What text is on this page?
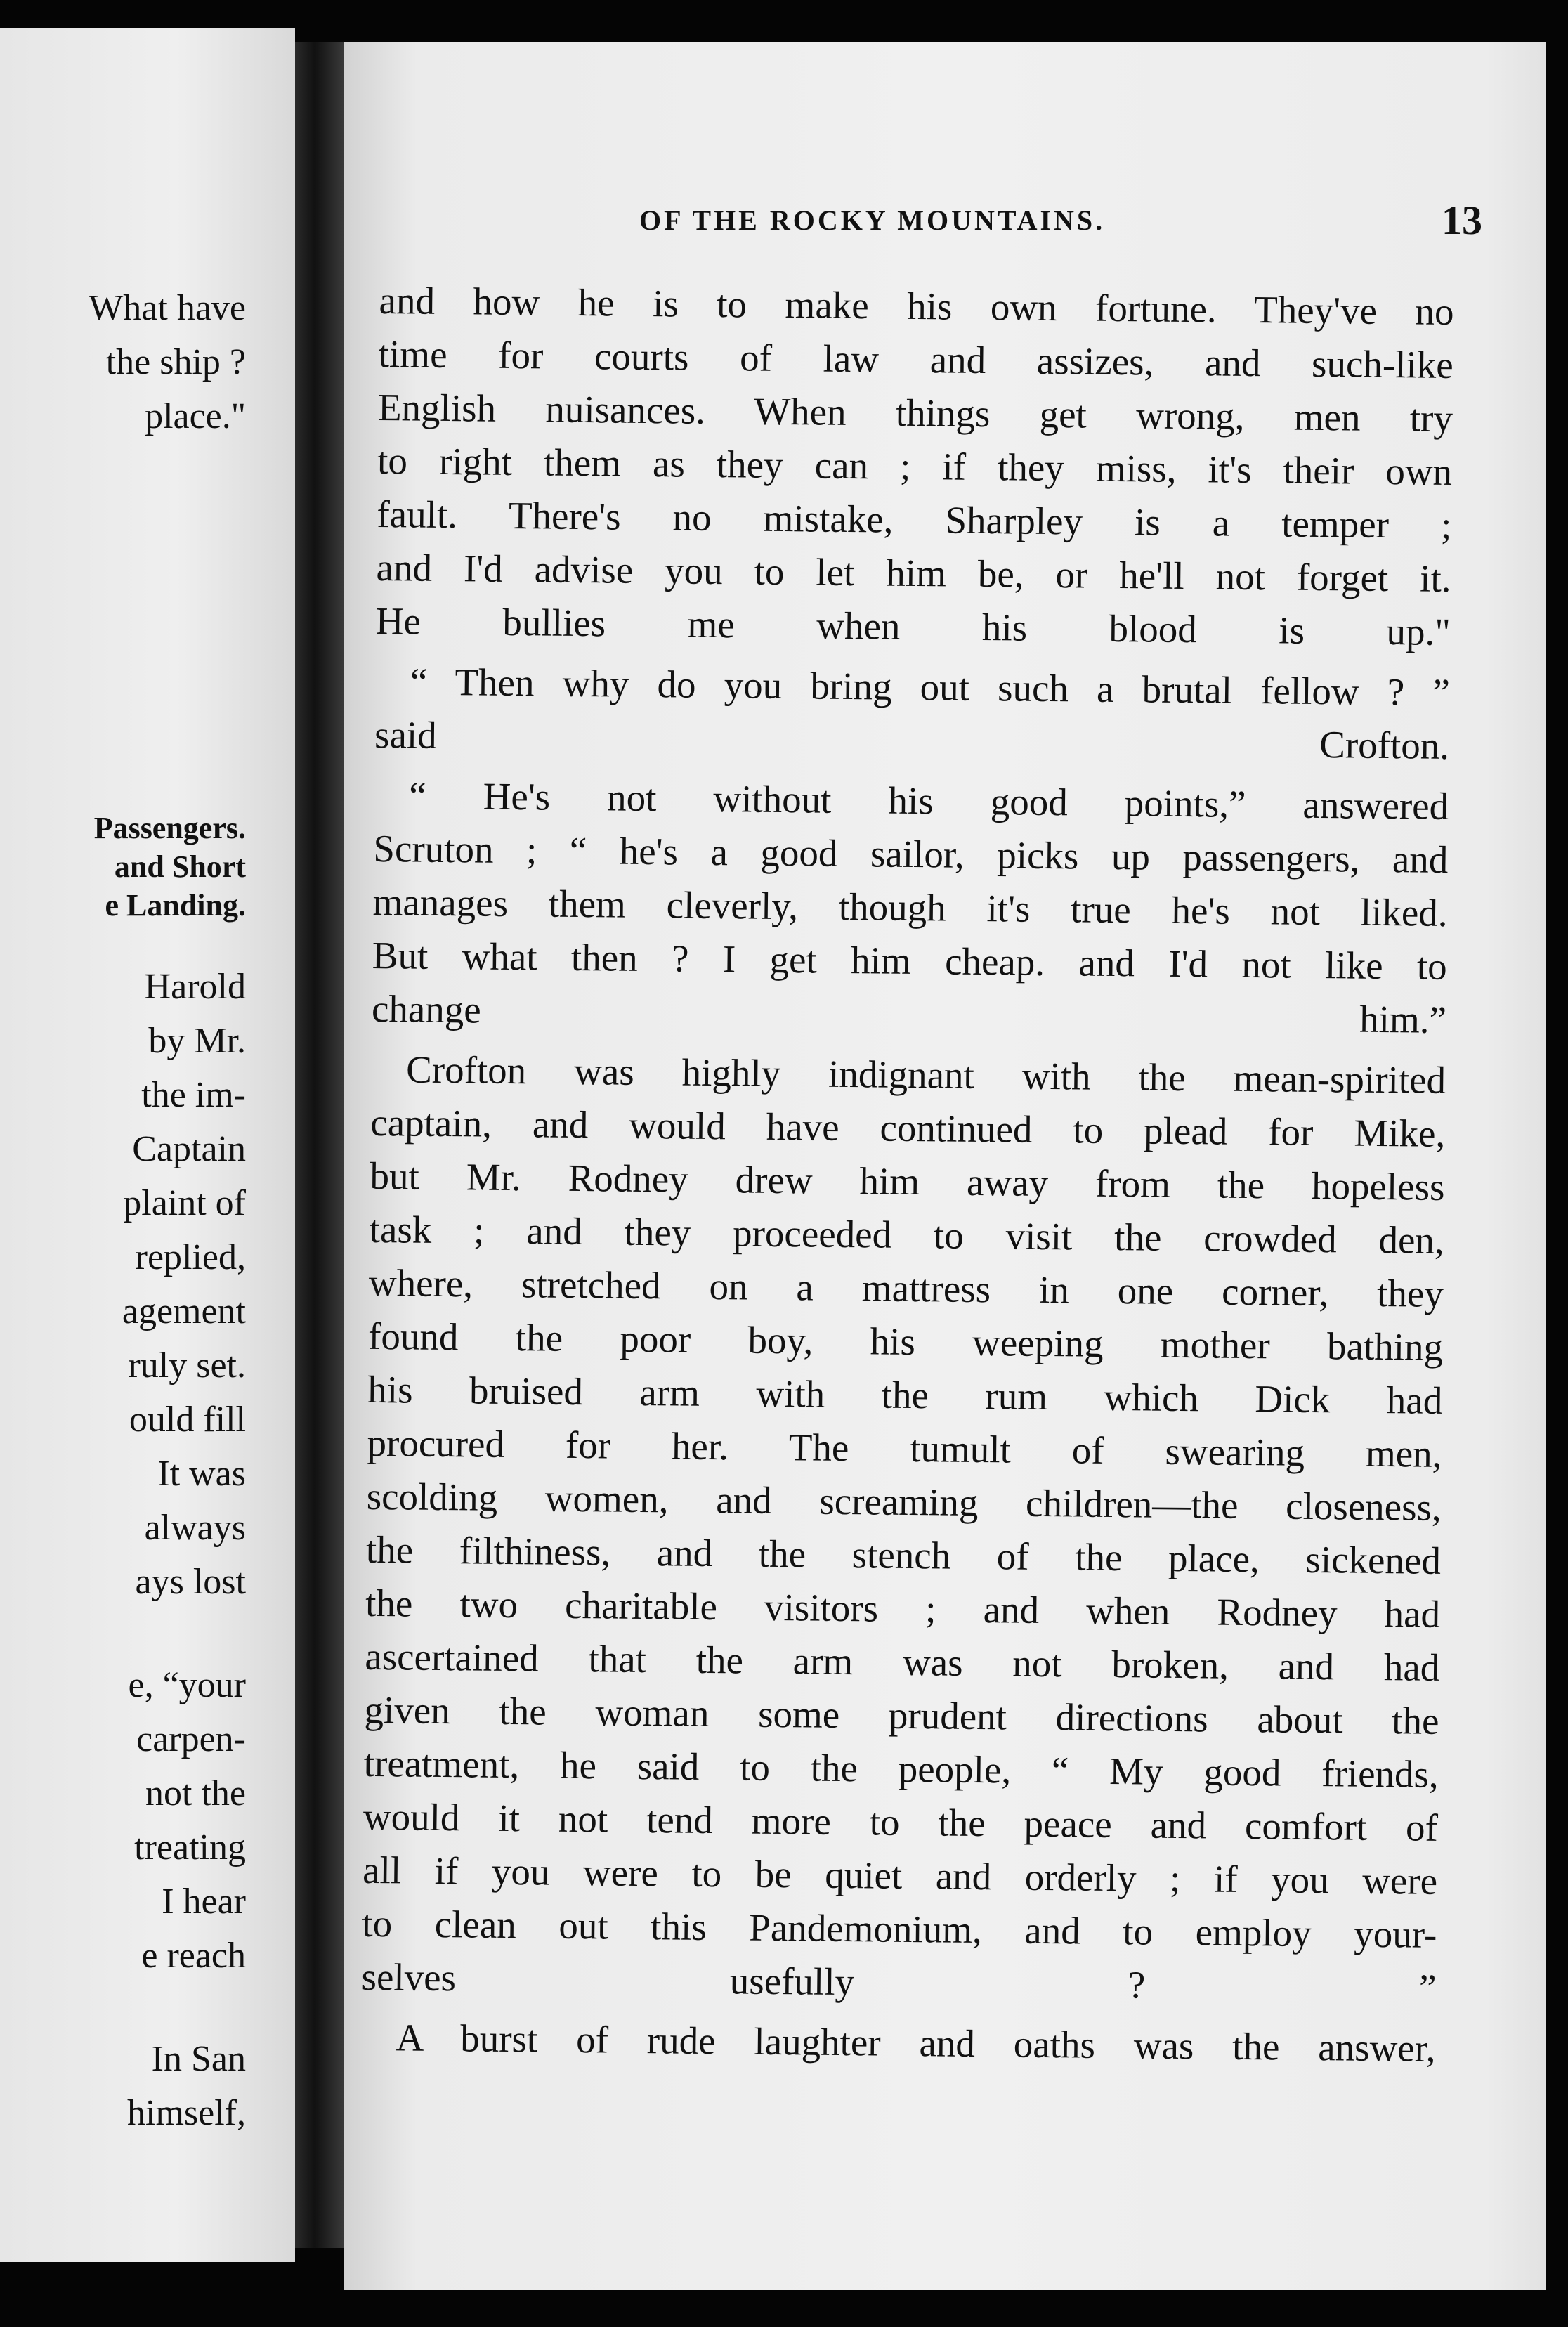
What have
the ship ?
place."
Passengers.
and Short
e Landing.
Harold
by Mr.
the im-
Captain
plaint of
replied,
agement
ruly set.
ould fill
It was
always
ays lost
e, “your
carpen-
not the
treating
I hear
e reach
In San
himself,
OF THE ROCKY MOUNTAINS.	13
and how he is to make his own fortune. They've no
time for courts of law and assizes, and such-like
English nuisances. When things get wrong, men try
to right them as they can ; if they miss, it's their own
fault. There's no mistake, Sharpley is a temper ;
and I'd advise you to let him be, or he'll not forget it.
He bullies me when his blood is up."
“ Then why do you bring out such a brutal fellow ? ”
said Crofton.
“ He's not without his good points,” answered
Scruton ; “ he's a good sailor, picks up passengers, and
manages them cleverly, though it's true he's not liked.
But what then ? I get him cheap. and I'd not like to
change him.”
Crofton was highly indignant with the mean-spirited
captain, and would have continued to plead for Mike,
but Mr. Rodney drew him away from the hopeless
task ; and they proceeded to visit the crowded den,
where, stretched on a mattress in one corner, they
found the poor boy, his weeping mother bathing
his bruised arm with the rum which Dick had
procured for her. The tumult of swearing men,
scolding women, and screaming children—the closeness,
the filthiness, and the stench of the place, sickened
the two charitable visitors ; and when Rodney had
ascertained that the arm was not broken, and had
given the woman some prudent directions about the
treatment, he said to the people, “ My good friends,
would it not tend more to the peace and comfort of
all if you were to be quiet and orderly ; if you were
to clean out this Pandemonium, and to employ your-
selves usefully ? ”
A burst of rude laughter and oaths was the answer,
